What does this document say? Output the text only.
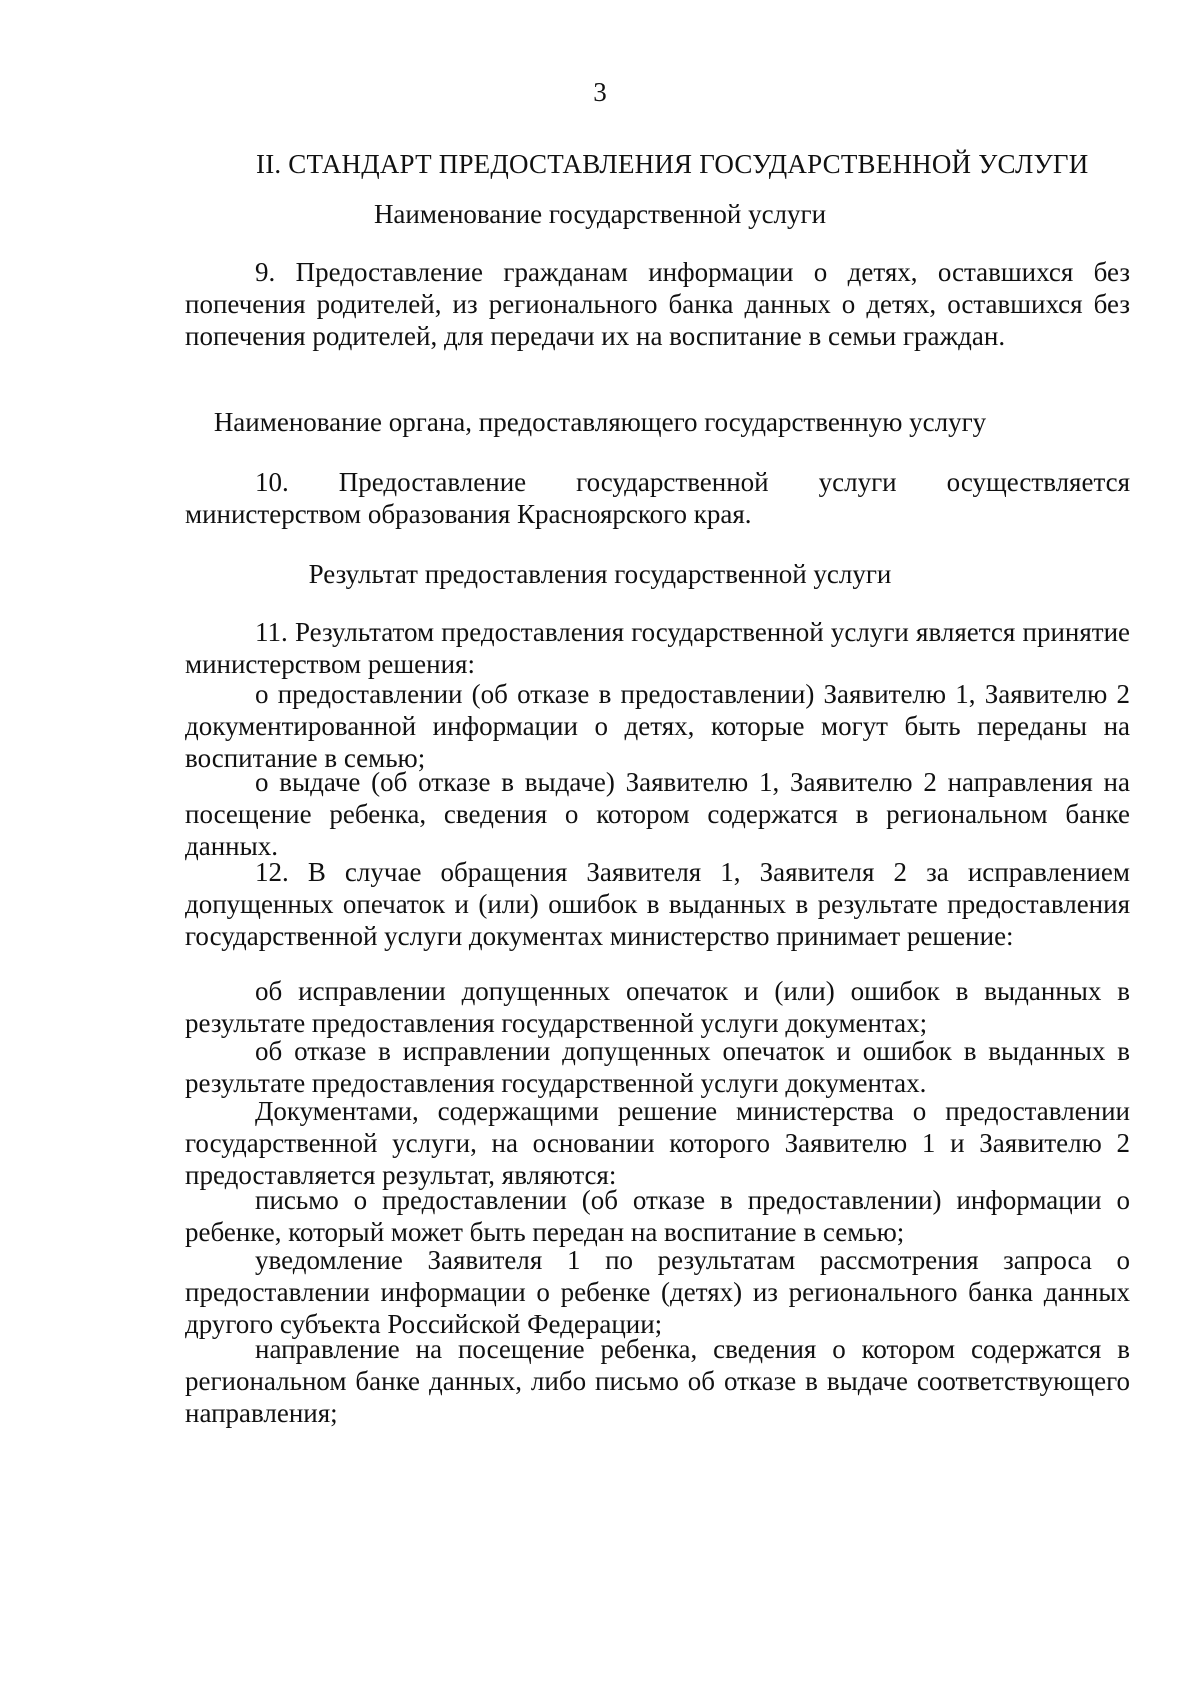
3
II. СТАНДАРТ ПРЕДОСТАВЛЕНИЯ ГОСУДАРСТВЕННОЙ УСЛУГИ
Наименование государственной услуги
9. Предоставление гражданам информации о детях, оставшихся без попечения родителей, из регионального банка данных о детях, оставшихся без попечения родителей, для передачи их на воспитание в семьи граждан.
Наименование органа, предоставляющего государственную услугу
10. Предоставление государственной услуги осуществляется министерством образования Красноярского края.
Результат предоставления государственной услуги
11. Результатом предоставления государственной услуги является принятие министерством решения:
о предоставлении (об отказе в предоставлении) Заявителю 1, Заявителю 2 документированной информации о детях, которые могут быть переданы на воспитание в семью;
о выдаче (об отказе в выдаче) Заявителю 1, Заявителю 2 направления на посещение ребенка, сведения о котором содержатся в региональном банке данных.
12. В случае обращения Заявителя 1, Заявителя 2 за исправлением допущенных опечаток и (или) ошибок в выданных в результате предоставления государственной услуги документах министерство принимает решение:
об исправлении допущенных опечаток и (или) ошибок в выданных в результате предоставления государственной услуги документах;
об отказе в исправлении допущенных опечаток и ошибок в выданных в результате предоставления государственной услуги документах.
Документами, содержащими решение министерства о предоставлении государственной услуги, на основании которого Заявителю 1 и Заявителю 2 предоставляется результат, являются:
письмо о предоставлении (об отказе в предоставлении) информации о ребенке, который может быть передан на воспитание в семью;
уведомление Заявителя 1 по результатам рассмотрения запроса о предоставлении информации о ребенке (детях) из регионального банка данных другого субъекта Российской Федерации;
направление на посещение ребенка, сведения о котором содержатся в региональном банке данных, либо письмо об отказе в выдаче соответствующего направления;
